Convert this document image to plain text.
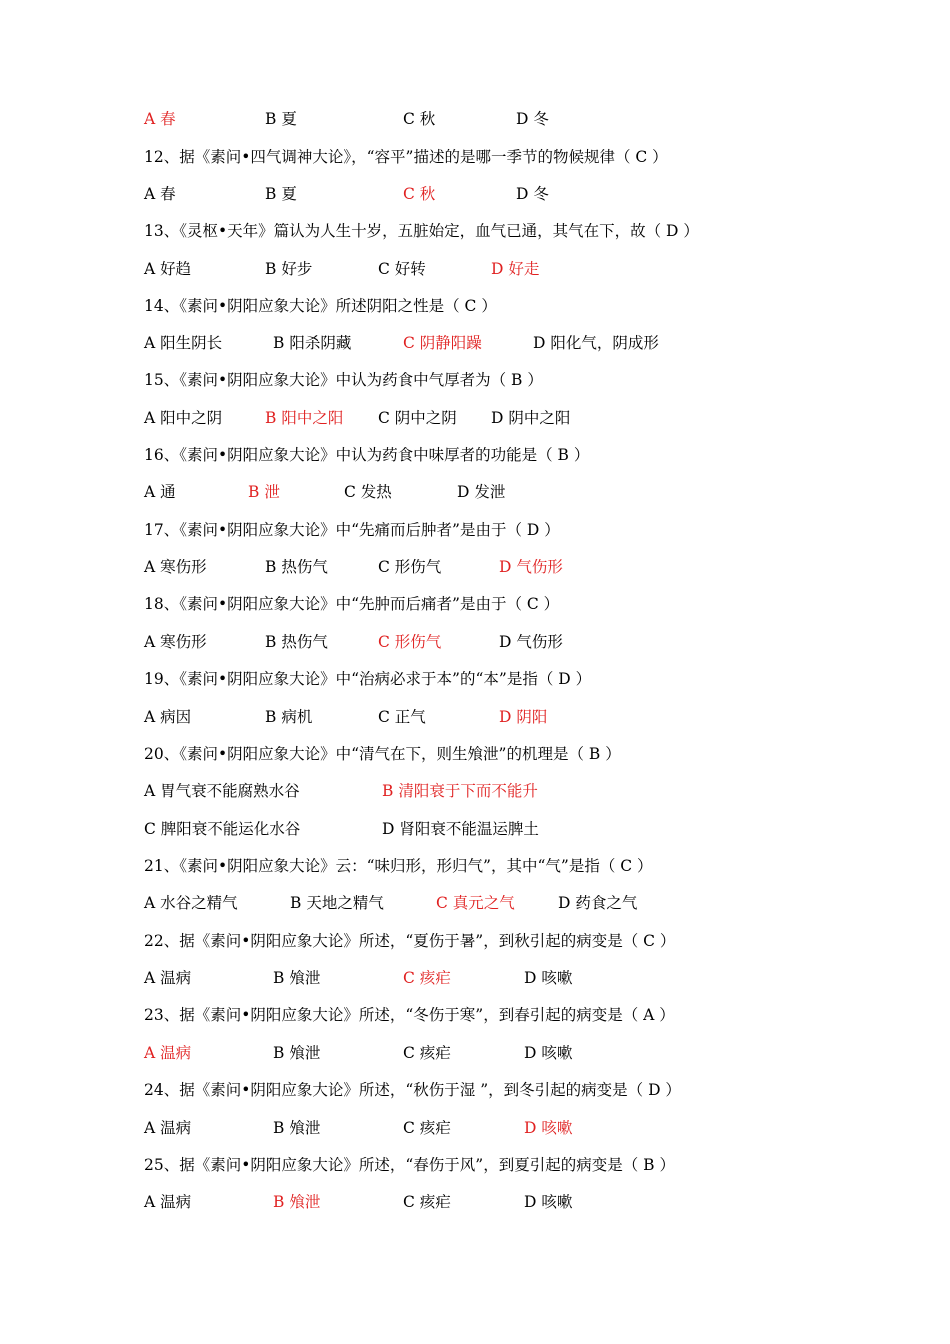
A 春	B 夏	C 秋	D 冬
12、据《素问•四气调神大论》，“容平”描述的是哪一季节的物候规律（ C ）
A 春	B 夏	C 秋	D 冬
13、《灵枢•天年》篇认为人生十岁，五脏始定，血气已通，其气在下，故（ D ）
A 好趋	B 好步	C 好转	D 好走
14、《素问•阴阳应象大论》所述阴阳之性是（ C ）
A 阳生阴长	B 阳杀阴藏	C 阴静阳躁	D 阳化气，阴成形
15、《素问•阴阳应象大论》中认为药食中气厚者为（ B ）
A 阳中之阴	B 阳中之阳 C 阴中之阴 D 阴中之阳
16、《素问•阴阳应象大论》中认为药食中味厚者的功能是（ B ）
A 通	B 泄	C 发热	D 发泄
17、《素问•阴阳应象大论》中“先痛而后肿者”是由于（ D ）
A 寒伤形	B 热伤气	C 形伤气	D 气伤形
18、《素问•阴阳应象大论》中“先肿而后痛者”是由于（ C ）
A 寒伤形	B 热伤气	C 形伤气	D 气伤形
19、《素问•阴阳应象大论》中“治病必求于本”的“本”是指（ D ）
A 病因	B 病机	C 正气	D 阴阳
20、《素问•阴阳应象大论》中“清气在下，则生飧泄”的机理是（ B ）
A 胃气衰不能腐熟水谷	B 清阳衰于下而不能升
C 脾阳衰不能运化水谷	D 肾阳衰不能温运脾土
21、《素问•阴阳应象大论》云：“味归形，形归气”，其中“气”是指（ C ）
A 水谷之精气	B 天地之精气	C 真元之气	D 药食之气
22、据《素问•阴阳应象大论》所述，“夏伤于暑”，到秋引起的病变是（ C ）
A 温病	B 飧泄	C 痎疟	D 咳嗽
23、据《素问•阴阳应象大论》所述，“冬伤于寒”，到春引起的病变是（ A ）
A 温病	B 飧泄	C 痎疟	D 咳嗽
24、据《素问•阴阳应象大论》所述，“秋伤于湿 ”，到冬引起的病变是（ D ）
A 温病	B 飧泄	C 痎疟	D 咳嗽
25、据《素问•阴阳应象大论》所述，“春伤于风”，到夏引起的病变是（ B ）
A 温病	B 飧泄	C 痎疟	D 咳嗽
